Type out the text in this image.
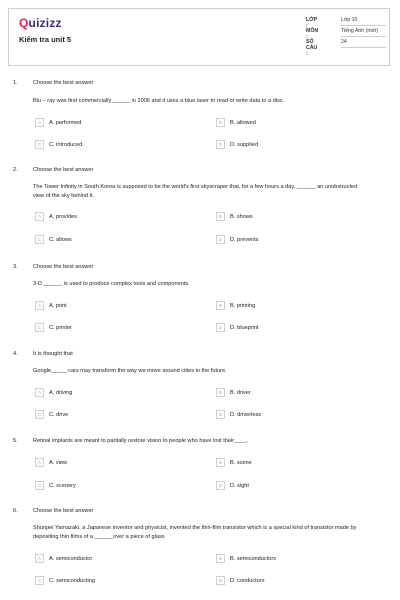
Quizizz
Kiểm tra unit 5
LỚP :
Lớp 10
MÔN :
Tiếng Anh (mới)
SỐ CÂU :
24
1.	Choose the best answer
Blu – ray was first commercially______ in 2006 and it uses a blue laser to read or write data to a disc.
A	A. performed	B	B. allowed
C	C. introduced	D	D. supplied
2.	Choose the best answer
The Tower Infinity in South Korea is supposed to be the world's first skyscraper that, for a few hours a day, ______ an unobstructed view of the sky behind it.
A	A. provides	B	B. shows
C	C. allows	D	D. prevents
3.	Choose the best answer
3-D ______ is used to produce complex tools and components.
A	A. print	B	B. printing
C	C. printer	D	D. blueprint
4.	It is thought that
Google_____ cars may transform the way we move around cities in the future.
A	A. driving	B	B. driver
C	C. drive	D	D. driverless
5.	Retinal implants are meant to partially restore vision to people who have lost their____.
A	A. view	B	B. scene
C	C. scenery	D	D. sight
6.	Choose the best answer
Shunpei Yamazaki, a Japanese inventor and physicist, invented the thin-film transistor which is a special kind of transistor made by depositing thin films of a ______over a piece of glass
A	A. semiconductor	B	B. semiconductors
C	C. semiconducting	D	D. conductors
